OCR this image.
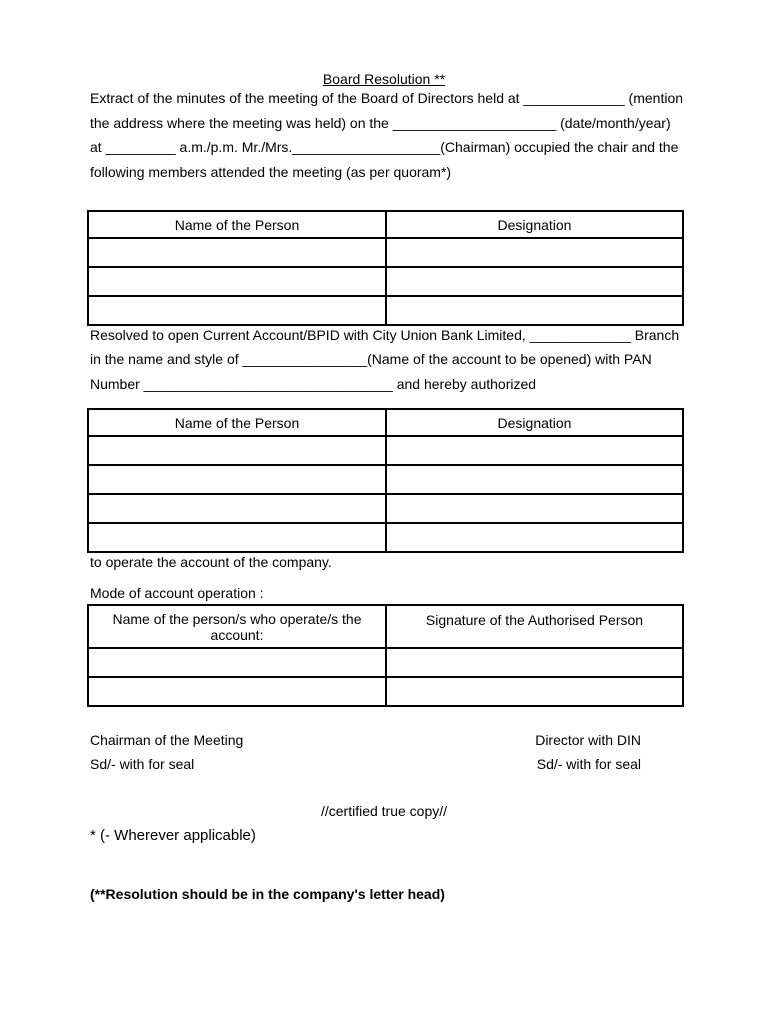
Board Resolution **
Extract of the minutes of the meeting of the Board of Directors held at _____________ (mention
the address where the meeting was held) on the _____________________ (date/month/year)
at _________ a.m./p.m. Mr./Mrs.___________________(Chairman) occupied the chair and the
following members attended the meeting (as per quoram*)
Name of the Person	Designation

Resolved to open Current Account/BPID with City Union Bank Limited, _____________ Branch
in the name and style of ________________(Name of the account to be opened) with PAN
Number ________________________________ and hereby authorized
Name of the Person	Designation

to operate the account of the company.
Mode of account operation :
Name of the person/s who operate/s the
account:	Signature of the Authorised Person

Chairman of the Meeting
Sd/- with for seal
Director with DIN
Sd/- with for seal
//certified true copy//
* (- Wherever applicable)
(**Resolution should be in the company's letter head)
